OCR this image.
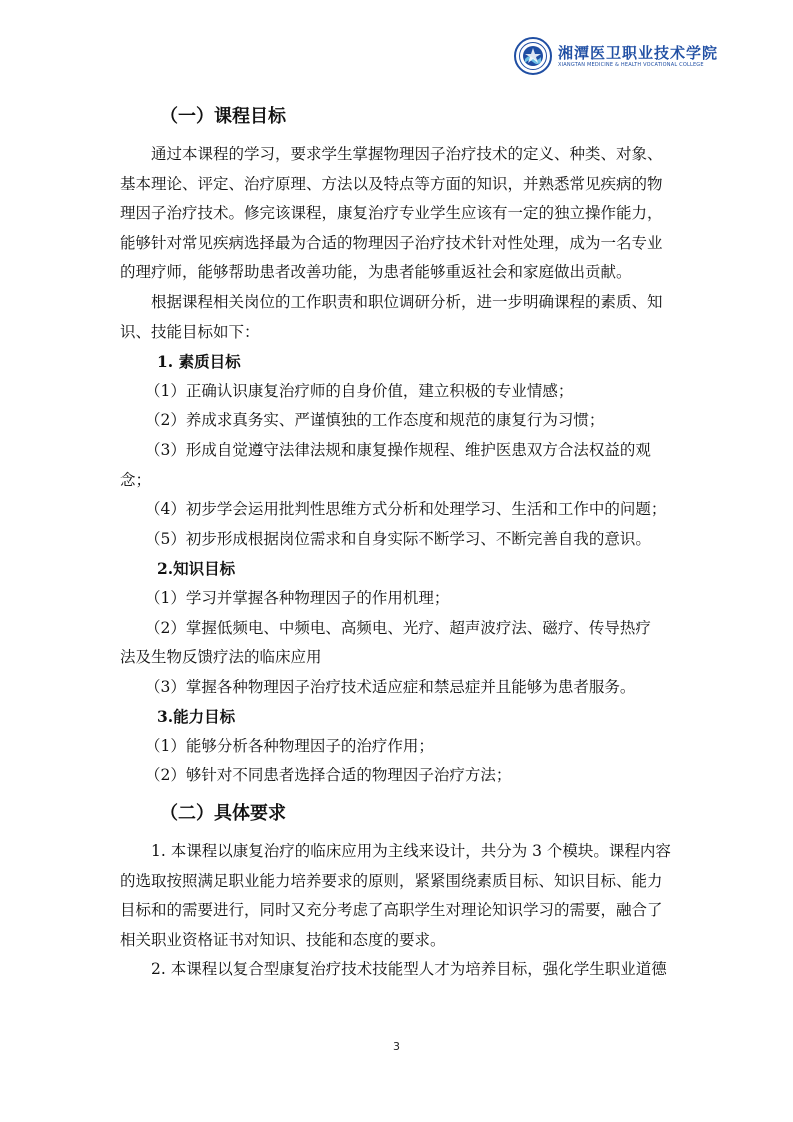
湘潭医卫职业技术学院
XIANGTAN MEDICINE & HEALTH VOCATIONAL COLLEGE
（一）课程目标

通过本课程的学习，要求学生掌握物理因子治疗技术的定义、种类、对象、

基本理论、评定、治疗原理、方法以及特点等方面的知识，并熟悉常见疾病的物
理因子治疗技术。修完该课程，康复治疗专业学生应该有一定的独立操作能力，
能够针对常见疾病选择最为合适的物理因子治疗技术针对性处理，成为一名专业
的理疗师，能够帮助患者改善功能，为患者能够重返社会和家庭做出贡献。

根据课程相关岗位的工作职责和职位调研分析，进一步明确课程的素质、知

识、技能目标如下：

1. 素质目标

（1）正确认识康复治疗师的自身价值，建立积极的专业情感；

（2）养成求真务实、严谨慎独的工作态度和规范的康复行为习惯；

（3）形成自觉遵守法律法规和康复操作规程、维护医患双方合法权益的观

念；

（4）初步学会运用批判性思维方式分析和处理学习、生活和工作中的问题；

（5）初步形成根据岗位需求和自身实际不断学习、不断完善自我的意识。

2.知识目标

（1）学习并掌握各种物理因子的作用机理；

（2）掌握低频电、中频电、高频电、光疗、超声波疗法、磁疗、传导热疗

法及生物反馈疗法的临床应用

（3）掌握各种物理因子治疗技术适应症和禁忌症并且能够为患者服务。

3.能力目标

（1）能够分析各种物理因子的治疗作用；

（2）够针对不同患者选择合适的物理因子治疗方法；

（二）具体要求

1. 本课程以康复治疗的临床应用为主线来设计，共分为 3 个模块。课程内容

的选取按照满足职业能力培养要求的原则，紧紧围绕素质目标、知识目标、能力
目标和的需要进行，同时又充分考虑了高职学生对理论知识学习的需要，融合了
相关职业资格证书对知识、技能和态度的要求。

2. 本课程以复合型康复治疗技术技能型人才为培养目标，强化学生职业道德

3
